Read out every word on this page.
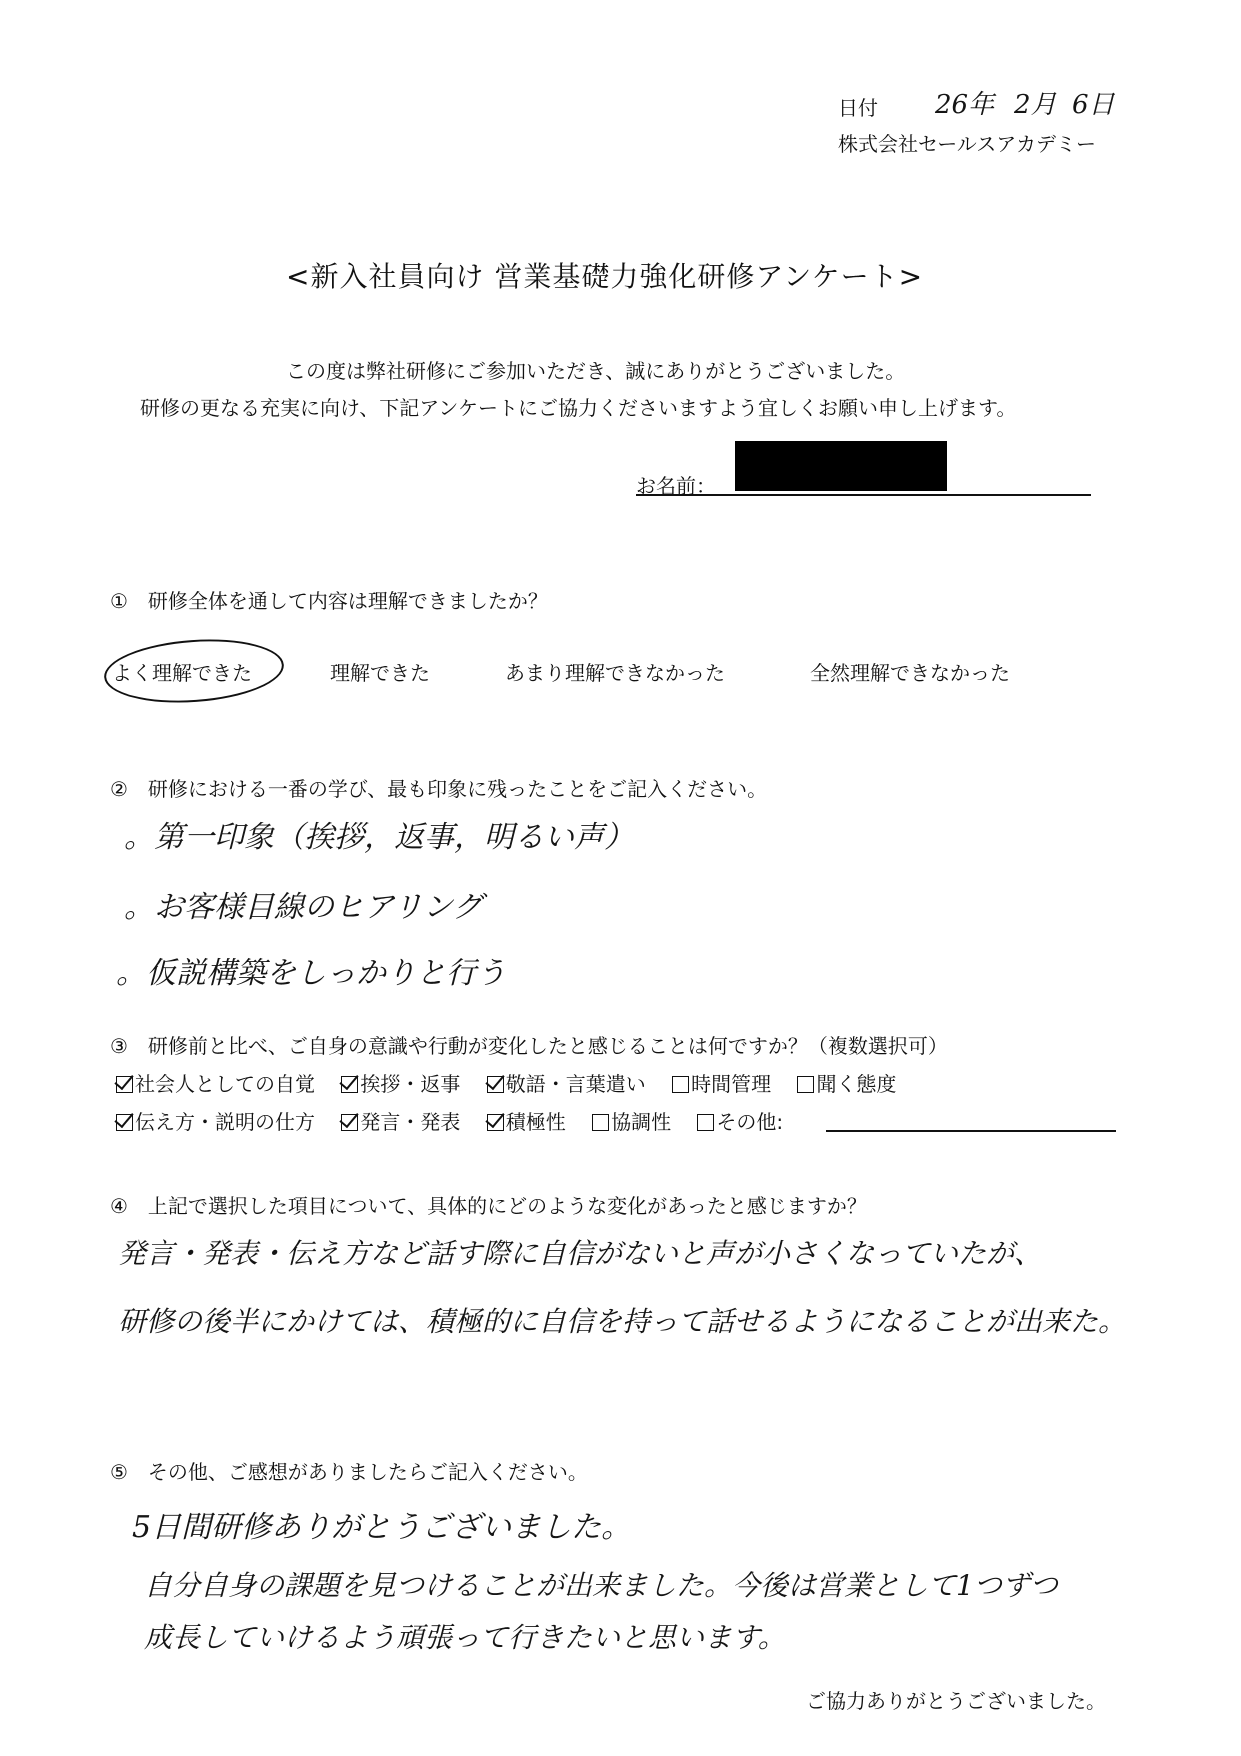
日付 26年 2月 6日
株式会社セールスアカデミー
<新入社員向け 営業基礎力強化研修アンケート>
この度は弊社研修にご参加いただき、誠にありがとうございました。
研修の更なる充実に向け、下記アンケートにご協力くださいますよう宜しくお願い申し上げます。
お名前：
①　研修全体を通して内容は理解できましたか？
よく理解できた	理解できた	あまり理解できなかった	全然理解できなかった
②　研修における一番の学び、最も印象に残ったことをご記入ください。
。第一印象（挨拶，返事，明るい声）
。お客様目線のヒアリング
。仮説構築をしっかりと行う
③　研修前と比べ、ご自身の意識や行動が変化したと感じることは何ですか？（複数選択可）
社会人としての自覚 挨拶・返事 敬語・言葉遣い 時間管理 聞く態度
伝え方・説明の仕方 発言・発表 積極性 協調性 その他:
④　上記で選択した項目について、具体的にどのような変化があったと感じますか？
発言・発表・伝え方など話す際に自信がないと声が小さくなっていたが、
研修の後半にかけては、積極的に自信を持って話せるようになることが出来た。
⑤　その他、ご感想がありましたらご記入ください。
5日間研修ありがとうございました。
自分自身の課題を見つけることが出来ました。今後は営業として1つずつ
成長していけるよう頑張って行きたいと思います。
ご協力ありがとうございました。
